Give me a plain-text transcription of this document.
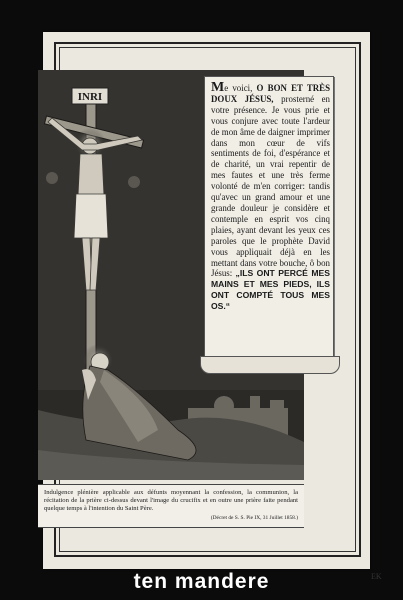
INRI
Me voici, O BON ET TRÈS DOUX JÉSUS, prosterné en votre présence. Je vous prie et vous conjure avec toute l'ardeur de mon âme de daigner imprimer dans mon cœur de vifs sentiments de foi, d'espérance et de charité, un vrai repentir de mes fautes et une très ferme volonté de m'en corriger: tandis qu'avec un grand amour et une grande douleur je considère et contemple en esprit vos cinq plaies, ayant devant les yeux ces paroles que le prophète David vous appliquait déjà en les mettant dans votre bouche, ô bon Jésus: „ILS ONT PERCÉ MES MAINS ET MES PIEDS, ILS ONT COMPTÉ TOUS MES OS.“
Indulgence plénière applicable aux défunts moyennant la confession, la communion, la récitation de la prière ci-dessus devant l'image du crucifix et en outre une prière faite pendant quelque temps à l'intention du Saint Père.
(Décret de S. S. Pie IX, 31 Juillet 1858.)
EK
ten mandere
